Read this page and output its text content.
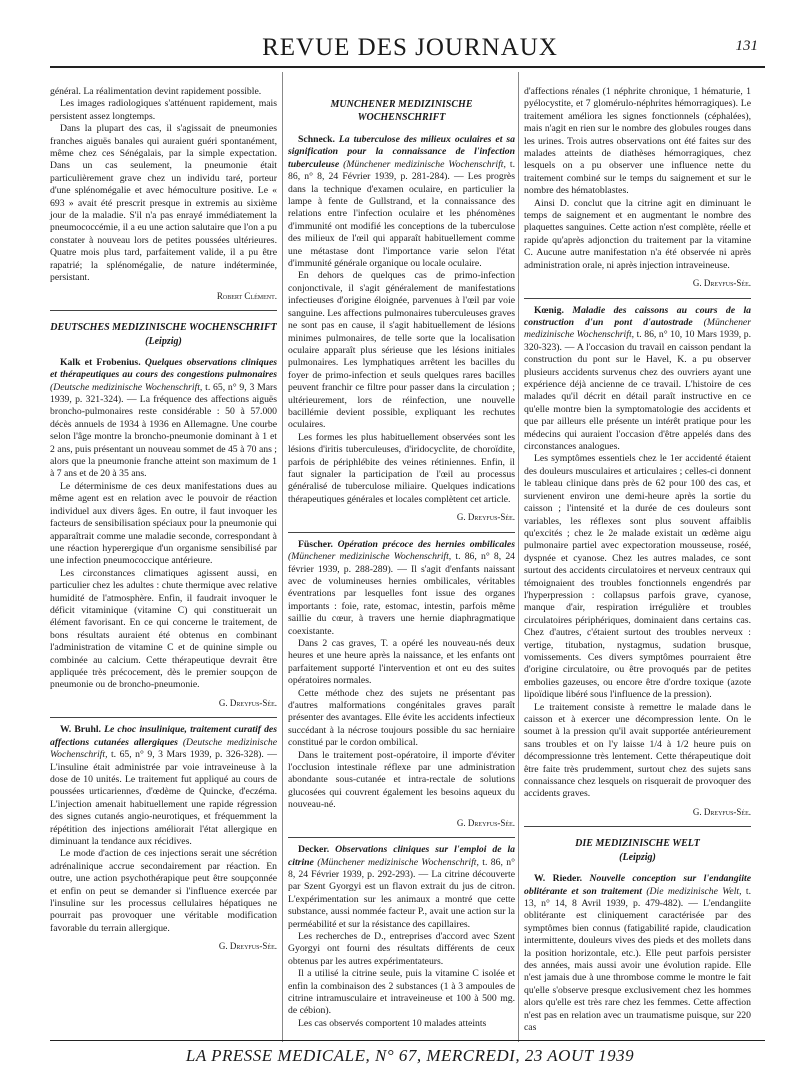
REVUE DES JOURNAUX	131

général. La réalimentation devint rapidement possible.

Les images radiologiques s'atténuent rapidement, mais persistent assez longtemps.

Dans la plupart des cas, il s'agissait de pneumonies franches aiguës banales qui auraient guéri spontanément, même chez ces Sénégalais, par la simple expectation. Dans un cas seulement, la pneumonie était particulièrement grave chez un individu taré, porteur d'une splénomégalie et avec hémoculture positive. Le « 693 » avait été prescrit presque in extremis au sixième jour de la maladie. S'il n'a pas enrayé immédiatement la pneumococcémie, il a eu une action salutaire que l'on a pu constater à nouveau lors de petites poussées ultérieures. Quatre mois plus tard, parfaitement valide, il a pu être rapatrié; la splénomégalie, de nature indéterminée, persistant.

Robert Clément.
DEUTSCHES MEDIZINISCHE WOCHENSCHRIFT
(Leipzig)

Kalk et Frobenius. Quelques observations cliniques et thérapeutiques au cours des congestions pulmonaires (Deutsche medizinische Wochenschrift, t. 65, n° 9, 3 Mars 1939, p. 321-324). — La fréquence des affections aiguës broncho-pulmonaires reste considérable : 50 à 57.000 décès annuels de 1934 à 1936 en Allemagne. Une courbe selon l'âge montre la broncho-pneumonie dominant à 1 et 2 ans, puis présentant un nouveau sommet de 45 à 70 ans ; alors que la pneumonie franche atteint son maximum de 1 à 7 ans et de 20 à 35 ans.

Le déterminisme de ces deux manifestations dues au même agent est en relation avec le pouvoir de réaction individuel aux divers âges. En outre, il faut invoquer les facteurs de sensibilisation spéciaux pour la pneumonie qui apparaîtrait comme une maladie seconde, correspondant à une réaction hyperergique d'un organisme sensibilisé par une infection pneumococcique antérieure.

Les circonstances climatiques agissent aussi, en particulier chez les adultes : chute thermique avec relative humidité de l'atmosphère. Enfin, il faudrait invoquer le déficit vitaminique (vitamine C) qui constituerait un élément favorisant. En ce qui concerne le traitement, de bons résultats auraient été obtenus en combinant l'administration de vitamine C et de quinine simple ou combinée au calcium. Cette thérapeutique devrait être appliquée très précocement, dès le premier soupçon de pneumonie ou de broncho-pneumonie.

G. Dreyfus-Sée.

W. Bruhl. Le choc insulinique, traitement curatif des affections cutanées allergiques (Deutsche medizinische Wochenschrift, t. 65, n° 9, 3 Mars 1939, p. 326-328). — L'insuline était administrée par voie intraveineuse à la dose de 10 unités. Le traitement fut appliqué au cours de poussées urticariennes, d'œdème de Quincke, d'eczéma. L'injection amenait habituellement une rapide régression des signes cutanés angio-neurotiques, et fréquemment la répétition des injections améliorait l'état allergique en diminuant la tendance aux récidives.

Le mode d'action de ces injections serait une sécrétion adrénalinique accrue secondairement par réaction. En outre, une action psychothérapique peut être soupçonnée et enfin on peut se demander si l'influence exercée par l'insuline sur les processus cellulaires hépatiques ne pourrait pas provoquer une véritable modification favorable du terrain allergique.

G. Dreyfus-Sée.
MUNCHENER MEDIZINISCHE WOCHENSCHRIFT

Schneck. La tuberculose des milieux oculaires et sa signification pour la connaissance de l'infection tuberculeuse (Münchener medizinische Wochenschrift, t. 86, n° 8, 24 Février 1939, p. 281-284). — Les progrès dans la technique d'examen oculaire, en particulier la lampe à fente de Gullstrand, et la connaissance des relations entre l'infection oculaire et les phénomènes d'immunité ont modifié les conceptions de la tuberculose des milieux de l'œil qui apparaît habituellement comme une métastase dont l'importance varie selon l'état d'immunité générale organique ou locale oculaire.

En dehors de quelques cas de primo-infection conjonctivale, il s'agit généralement de manifestations infectieuses d'origine éloignée, parvenues à l'œil par voie sanguine. Les affections pulmonaires tuberculeuses graves ne sont pas en cause, il s'agit habituellement de lésions minimes pulmonaires, de telle sorte que la localisation oculaire apparaît plus sérieuse que les lésions initiales pulmonaires. Les lymphatiques arrêtent les bacilles du foyer de primo-infection et seuls quelques rares bacilles peuvent franchir ce filtre pour passer dans la circulation ; ultérieurement, lors de réinfection, une nouvelle bacillémie devient possible, expliquant les rechutes oculaires.

Les formes les plus habituellement observées sont les lésions d'iritis tuberculeuses, d'iridocyclite, de choroïdite, parfois de périphlébite des veines rétiniennes. Enfin, il faut signaler la participation de l'œil au processus généralisé de tuberculose miliaire. Quelques indications thérapeutiques générales et locales complètent cet article.

G. Dreyfus-Sée.

Füscher. Opération précoce des hernies ombilicales (Münchener medizinische Wochenschrift, t. 86, n° 8, 24 février 1939, p. 288-289). — Il s'agit d'enfants naissant avec de volumineuses hernies ombilicales, véritables éventrations par lesquelles font issue des organes importants : foie, rate, estomac, intestin, parfois même saillie du cœur, à travers une hernie diaphragmatique coexistante.

Dans 2 cas graves, T. a opéré les nouveau-nés deux heures et une heure après la naissance, et les enfants ont parfaitement supporté l'intervention et ont eu des suites opératoires normales.

Cette méthode chez des sujets ne présentant pas d'autres malformations congénitales graves paraît présenter des avantages. Elle évite les accidents infectieux succédant à la nécrose toujours possible du sac herniaire constitué par le cordon ombilical.

Dans le traitement post-opératoire, il importe d'éviter l'occlusion intestinale réflexe par une administration abondante sous-cutanée et intra-rectale de solutions glucosées qui couvrent également les besoins aqueux du nouveau-né.

G. Dreyfus-Sée.

Decker. Observations cliniques sur l'emploi de la citrine (Münchener medizinische Wochenschrift, t. 86, n° 8, 24 Février 1939, p. 292-293). — La citrine découverte par Szent Gyorgyi est un flavon extrait du jus de citron. L'expérimentation sur les animaux a montré que cette substance, aussi nommée facteur P., avait une action sur la perméabilité et sur la résistance des capillaires.

Les recherches de D., entreprises d'accord avec Szent Gyorgyi ont fourni des résultats différents de ceux obtenus par les autres expérimentateurs.

Il a utilisé la citrine seule, puis la vitamine C isolée et enfin la combinaison des 2 substances (1 à 3 ampoules de citrine intramusculaire et intraveineuse et 100 à 500 mg. de cébion).

Les cas observés comportent 10 malades atteints

d'affections rénales (1 néphrite chronique, 1 hématurie, 1 pyélocystite, et 7 glomérulo-néphrites hémorragiques). Le traitement améliora les signes fonctionnels (céphalées), mais n'agit en rien sur le nombre des globules rouges dans les urines. Trois autres observations ont été faites sur des malades atteints de diathèses hémorragiques, chez lesquels on a pu observer une influence nette du traitement combiné sur le temps du saignement et sur le nombre des hématoblastes.

Ainsi D. conclut que la citrine agit en diminuant le temps de saignement et en augmentant le nombre des plaquettes sanguines. Cette action n'est complète, réelle et rapide qu'après adjonction du traitement par la vitamine C. Aucune autre manifestation n'a été observée ni après administration orale, ni après injection intraveineuse.

G. Dreyfus-Sée.

Kœnig. Maladie des caissons au cours de la construction d'un pont d'autostrade (Münchener medizinische Wochenschrift, t. 86, n° 10, 10 Mars 1939, p. 320-323). — A l'occasion du travail en caisson pendant la construction du pont sur le Havel, K. a pu observer plusieurs accidents survenus chez des ouvriers ayant une expérience déjà ancienne de ce travail. L'histoire de ces malades qu'il décrit en détail paraît instructive en ce qu'elle montre bien la symptomatologie des accidents et que par ailleurs elle présente un intérêt pratique pour les médecins qui auraient l'occasion d'être appelés dans des circonstances analogues.

Les symptômes essentiels chez le 1er accidenté étaient des douleurs musculaires et articulaires ; celles-ci donnent le tableau clinique dans près de 62 pour 100 des cas, et survienent environ une demi-heure après la sortie du caisson ; l'intensité et la durée de ces douleurs sont variables, les réflexes sont plus souvent affaiblis qu'excités ; chez le 2e malade existait un œdème aigu pulmonaire partiel avec expectoration mousseuse, roséé, dyspnée et cyanose. Chez les autres malades, ce sont surtout des accidents circulatoires et nerveux centraux qui témoignaient des troubles fonctionnels engendrés par l'hyperpression : collapsus parfois grave, cyanose, manque d'air, respiration irrégulière et troubles circulatoires périphériques, dominaient dans certains cas. Chez d'autres, c'étaient surtout des troubles nerveux : vertige, titubation, nystagmus, sudation brusque, vomissements. Ces divers symptômes pourraient être d'origine circulatoire, ou être provoqués par de petites embolies gazeuses, ou encore être d'ordre toxique (azote lipoïdique libéré sous l'influence de la pression).

Le traitement consiste à remettre le malade dans le caisson et à exercer une décompression lente. On le soumet à la pression qu'il avait supportée antérieurement sans troubles et on l'y laisse 1/4 à 1/2 heure puis on décompressionne très lentement. Cette thérapeutique doit être faite très prudemment, surtout chez des sujets sans connaissance chez lesquels on risquerait de provoquer des accidents graves.

G. Dreyfus-Sée.
DIE MEDIZINISCHE WELT
(Leipzig)

W. Rieder. Nouvelle conception sur l'endangiite oblitérante et son traitement (Die medizinische Welt, t. 13, n° 14, 8 Avril 1939, p. 479-482). — L'endangiite oblitérante est cliniquement caractérisée par des symptômes bien connus (fatigabilité rapide, claudication intermittente, douleurs vives des pieds et des mollets dans la position horizontale, etc.). Elle peut parfois persister des années, mais aussi avoir une évolution rapide. Elle n'est jamais due à une thrombose comme le montre le fait qu'elle s'observe presque exclusivement chez les hommes alors qu'elle est très rare chez les femmes. Cette affection n'est pas en relation avec un traumatisme puisque, sur 220 cas

LA PRESSE MEDICALE, N° 67, MERCREDI, 23 AOUT 1939
